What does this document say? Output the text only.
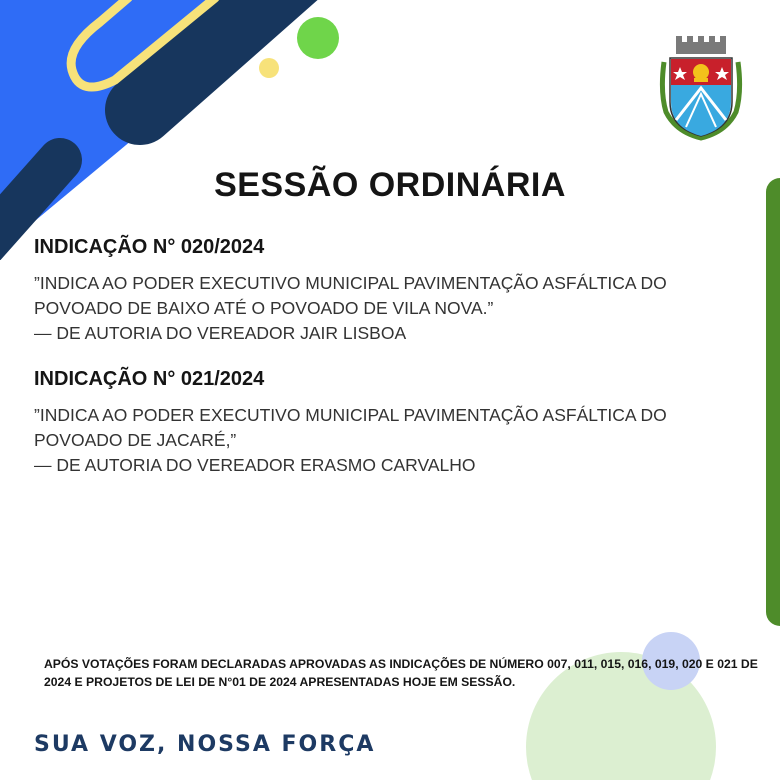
SESSÃO ORDINÁRIA
INDICAÇÃO N° 020/2024

”INDICA AO PODER EXECUTIVO MUNICIPAL PAVIMENTAÇÃO ASFÁLTICA DO POVOADO DE BAIXO ATÉ O POVOADO DE VILA NOVA.”

— DE AUTORIA DO VEREADOR JAIR LISBOA
INDICAÇÃO N° 021/2024

”INDICA AO PODER EXECUTIVO MUNICIPAL PAVIMENTAÇÃO ASFÁLTICA DO POVOADO DE JACARÉ,”

— DE AUTORIA DO VEREADOR ERASMO CARVALHO
APÓS VOTAÇÕES FORAM DECLARADAS APROVADAS AS INDICAÇÕES DE NÚMERO 007, 011, 015, 016, 019, 020 E 021 DE 2024 E PROJETOS DE LEI DE N°01 DE 2024 APRESENTADAS HOJE EM SESSÃO.
SUA VOZ, NOSSA FORÇA
